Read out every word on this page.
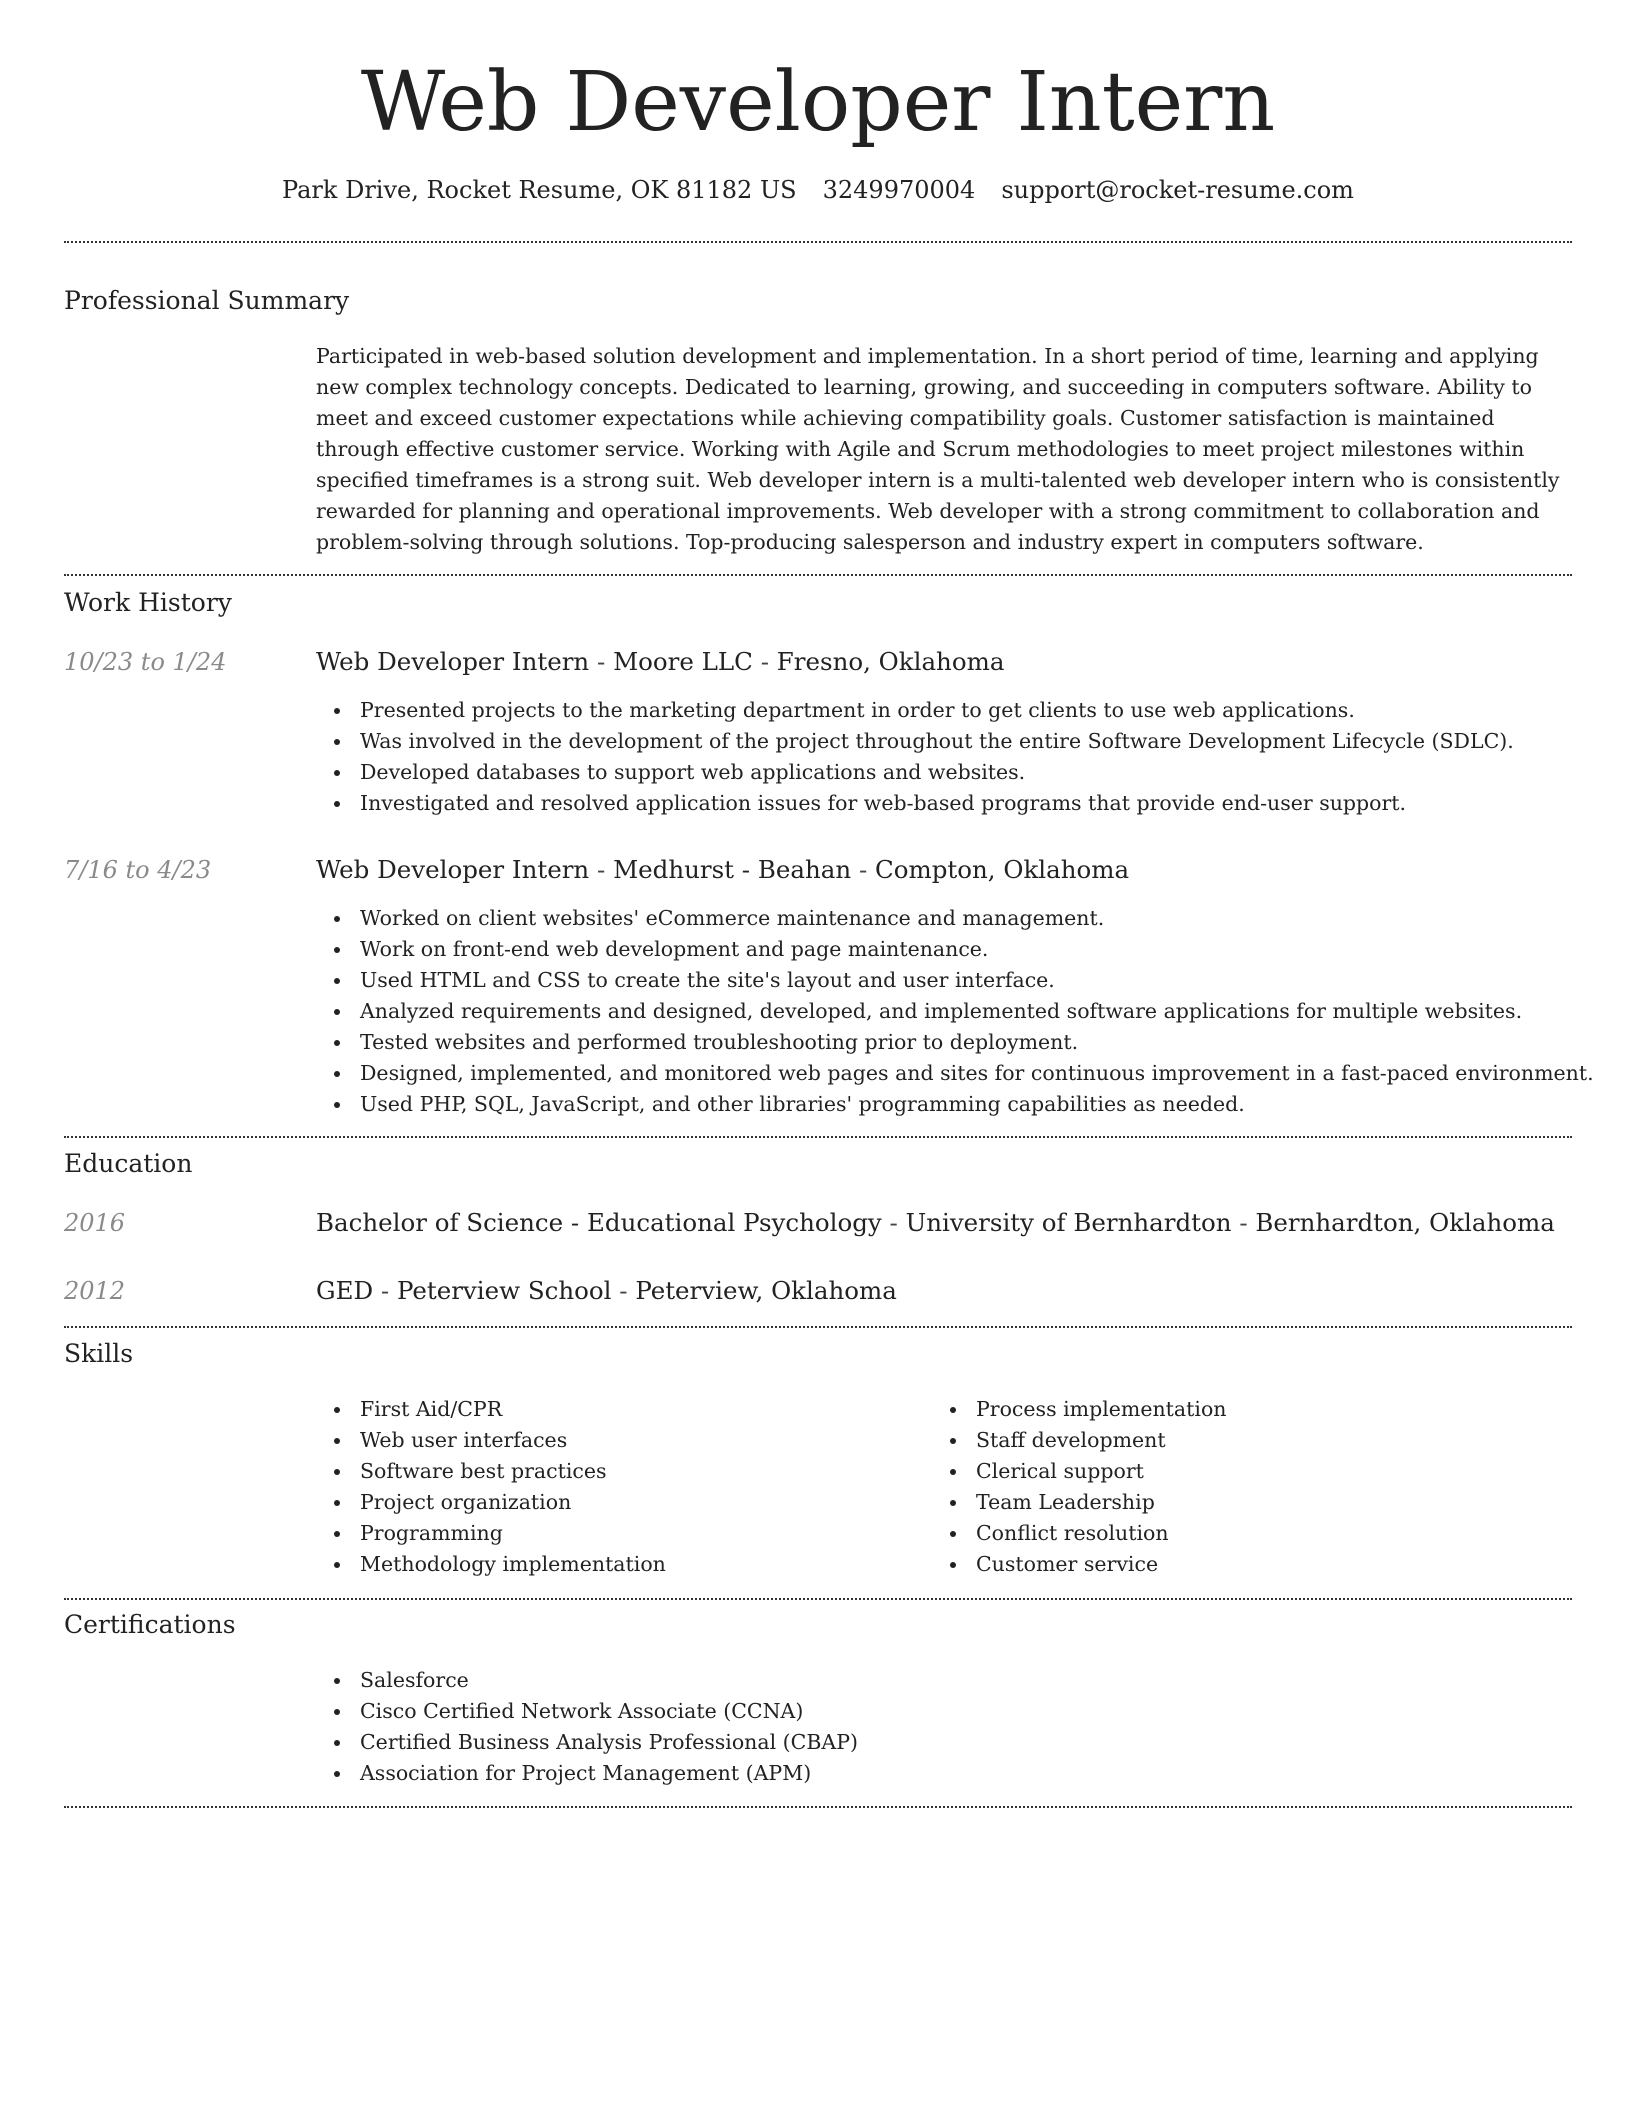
Web Developer Intern
Park Drive, Rocket Resume, OK 81182 US 3249970004 support@rocket-resume.com
Professional Summary
Participated in web-based solution development and implementation. In a short period of time, learning and applying new complex technology concepts. Dedicated to learning, growing, and succeeding in computers software. Ability to meet and exceed customer expectations while achieving compatibility goals. Customer satisfaction is maintained through effective customer service. Working with Agile and Scrum methodologies to meet project milestones within specified timeframes is a strong suit. Web developer intern is a multi-talented web developer intern who is consistently rewarded for planning and operational improvements. Web developer with a strong commitment to collaboration and problem-solving through solutions. Top-producing salesperson and industry expert in computers software.
Work History
10/23 to 1/24	Web Developer Intern - Moore LLC - Fresno, Oklahoma
Presented projects to the marketing department in order to get clients to use web applications.
Was involved in the development of the project throughout the entire Software Development Lifecycle (SDLC).
Developed databases to support web applications and websites.
Investigated and resolved application issues for web-based programs that provide end-user support.
7/16 to 4/23	Web Developer Intern - Medhurst - Beahan - Compton, Oklahoma
Worked on client websites' eCommerce maintenance and management.
Work on front-end web development and page maintenance.
Used HTML and CSS to create the site's layout and user interface.
Analyzed requirements and designed, developed, and implemented software applications for multiple websites.
Tested websites and performed troubleshooting prior to deployment.
Designed, implemented, and monitored web pages and sites for continuous improvement in a fast-paced environment.
Used PHP, SQL, JavaScript, and other libraries' programming capabilities as needed.
Education
2016	Bachelor of Science - Educational Psychology - University of Bernhardton - Bernhardton, Oklahoma
2012	GED - Peterview School - Peterview, Oklahoma
Skills
First Aid/CPR
Web user interfaces
Software best practices
Project organization
Programming
Methodology implementation
Process implementation
Staff development
Clerical support
Team Leadership
Conflict resolution
Customer service
Certifications
Salesforce
Cisco Certified Network Associate (CCNA)
Certified Business Analysis Professional (CBAP)
Association for Project Management (APM)
